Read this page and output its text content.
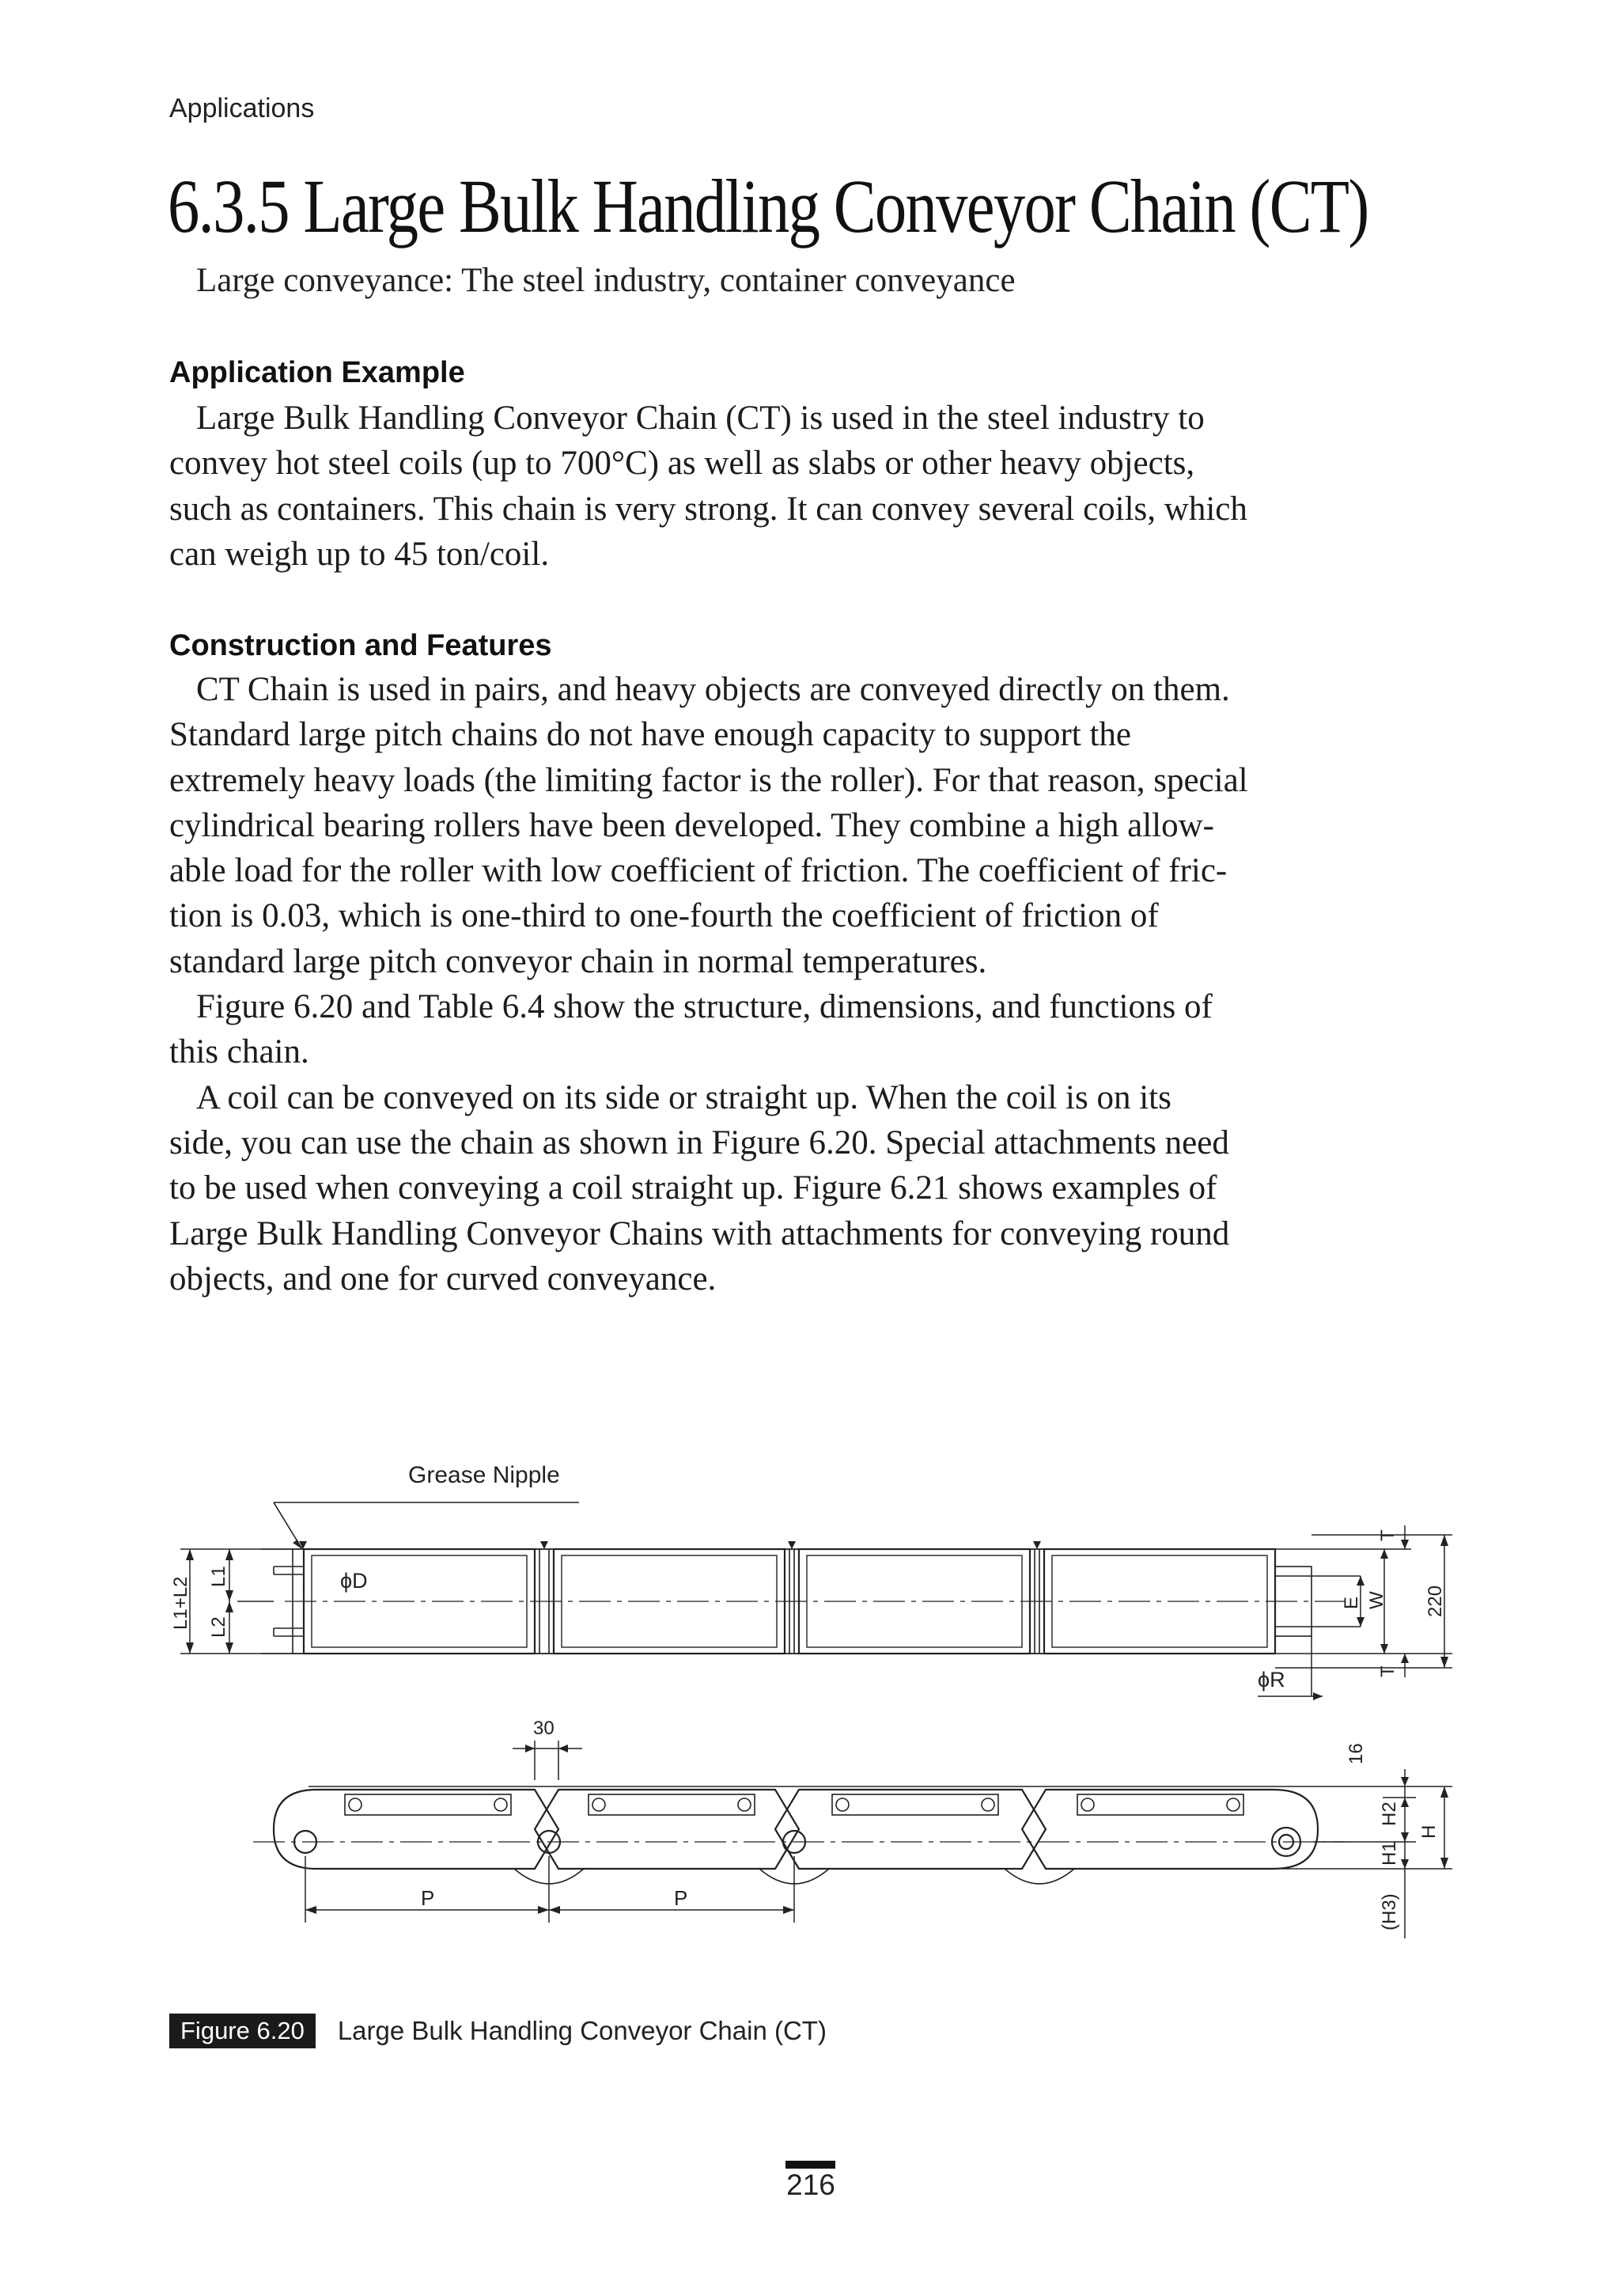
Applications
6.3.5 Large Bulk Handling Conveyor Chain (CT)
Large conveyance: The steel industry, container conveyance
Application Example

Large Bulk Handling Conveyor Chain (CT) is used in the steel industry to
convey hot steel coils (up to 700°C) as well as slabs or other heavy objects,
such as containers. This chain is very strong. It can convey several coils, which
can weigh up to 45 ton/coil.

Construction and Features

CT Chain is used in pairs, and heavy objects are conveyed directly on them.
Standard large pitch chains do not have enough capacity to support the
extremely heavy loads (the limiting factor is the roller). For that reason, special
cylindrical bearing rollers have been developed. They combine a high allow-
able load for the roller with low coefficient of friction. The coefficient of fric-
tion is 0.03, which is one-third to one-fourth the coefficient of friction of
standard large pitch conveyor chain in normal temperatures.

Figure 6.20 and Table 6.4 show the structure, dimensions, and functions of
this chain.

A coil can be conveyed on its side or straight up. When the coil is on its
side, you can use the chain as shown in Figure 6.20. Special attachments need
to be used when conveying a coil straight up. Figure 6.21 shows examples of
Large Bulk Handling Conveyor Chains with attachments for conveying round
objects, and one for curved conveyance.

Grease Nipple
ϕD
ϕR
30
P	P
L1+L2 L1
L2
T
E W 220
T
16
H2
H
H1
(H3)
Figure 6.20	Large Bulk Handling Conveyor Chain (CT)
216
